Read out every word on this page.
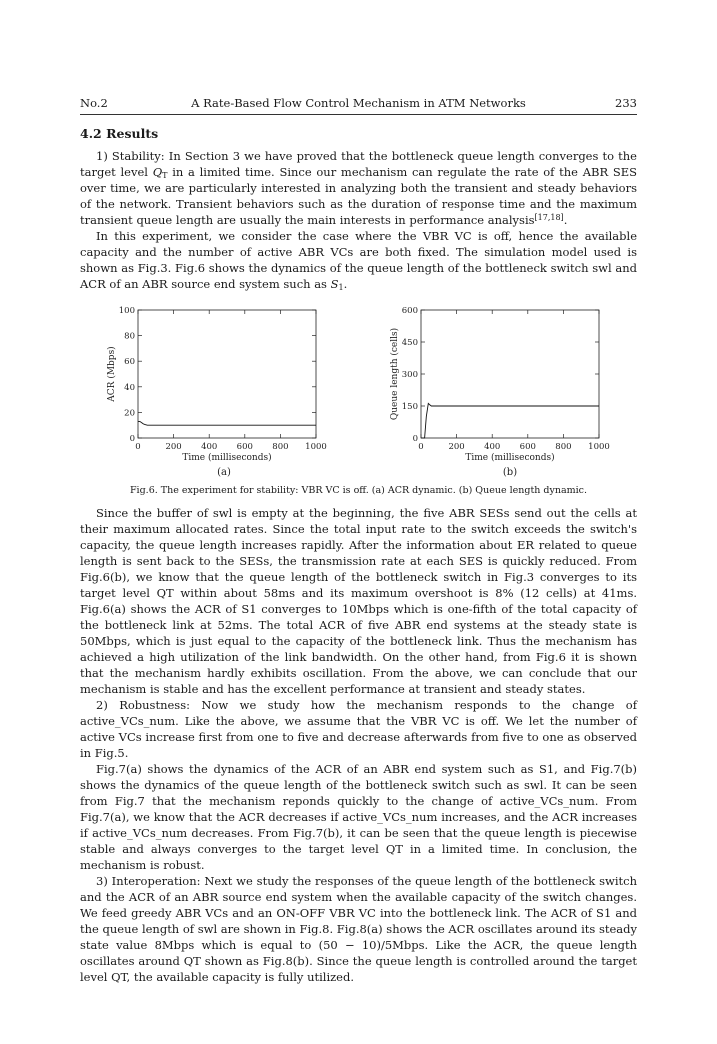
No.2	A Rate-Based Flow Control Mechanism in ATM Networks	233
4.2 Results

1) Stability: In Section 3 we have proved that the bottleneck queue length converges to the target level $Q_T$ in a limited time. Since our mechanism can regulate the rate of the ABR SES over time, we are particularly interested in analyzing both the transient and steady behaviors of the network. Transient behaviors such as the duration of response time and the maximum transient queue length are usually the main interests in performance analysis[17,18].

In this experiment, we consider the case where the VBR VC is off, hence the available capacity and the number of active ABR VCs are both fixed. The simulation model used is shown as Fig.3. Fig.6 shows the dynamics of the queue length of the bottleneck switch swl and ACR of an ABR source end system such as $S_1$.

0	200 400 600 800 1000
0
20
40
60
80
100
Time (milliseconds)
ACR (Mbps)
0	200 400 600 800 1000
0
150
300
450
600
Time (milliseconds)
Queue length (cells)
(a)	(b)
Fig.6. The experiment for stability: VBR VC is off. (a) ACR dynamic. (b) Queue length dynamic.

Since the buffer of swl is empty at the beginning, the five ABR SESs send out the cells at their maximum allocated rates. Since the total input rate to the switch exceeds the switch's capacity, the queue length increases rapidly. After the information about ER related to queue length is sent back to the SESs, the transmission rate at each SES is quickly reduced. From Fig.6(b), we know that the queue length of the bottleneck switch in Fig.3 converges to its target level QT within about 58ms and its maximum overshoot is 8% (12 cells) at 41ms. Fig.6(a) shows the ACR of S1 converges to 10Mbps which is one-fifth of the total capacity of the bottleneck link at 52ms. The total ACR of five ABR end systems at the steady state is 50Mbps, which is just equal to the capacity of the bottleneck link. Thus the mechanism has achieved a high utilization of the link bandwidth. On the other hand, from Fig.6 it is shown that the mechanism hardly exhibits oscillation. From the above, we can conclude that our mechanism is stable and has the excellent performance at transient and steady states.

2) Robustness: Now we study how the mechanism responds to the change of active_VCs_num. Like the above, we assume that the VBR VC is off. We let the number of active VCs increase first from one to five and decrease afterwards from five to one as observed in Fig.5.

Fig.7(a) shows the dynamics of the ACR of an ABR end system such as S1, and Fig.7(b) shows the dynamics of the queue length of the bottleneck switch such as swl. It can be seen from Fig.7 that the mechanism reponds quickly to the change of active_VCs_num. From Fig.7(a), we know that the ACR decreases if active_VCs_num increases, and the ACR increases if active_VCs_num decreases. From Fig.7(b), it can be seen that the queue length is piecewise stable and always converges to the target level QT in a limited time. In conclusion, the mechanism is robust.

3) Interoperation: Next we study the responses of the queue length of the bottleneck switch and the ACR of an ABR source end system when the available capacity of the switch changes. We feed greedy ABR VCs and an ON-OFF VBR VC into the bottleneck link. The ACR of S1 and the queue length of swl are shown in Fig.8. Fig.8(a) shows the ACR oscillates around its steady state value 8Mbps which is equal to (50 − 10)/5Mbps. Like the ACR, the queue length oscillates around QT shown as Fig.8(b). Since the queue length is controlled around the target level QT, the available capacity is fully utilized.
